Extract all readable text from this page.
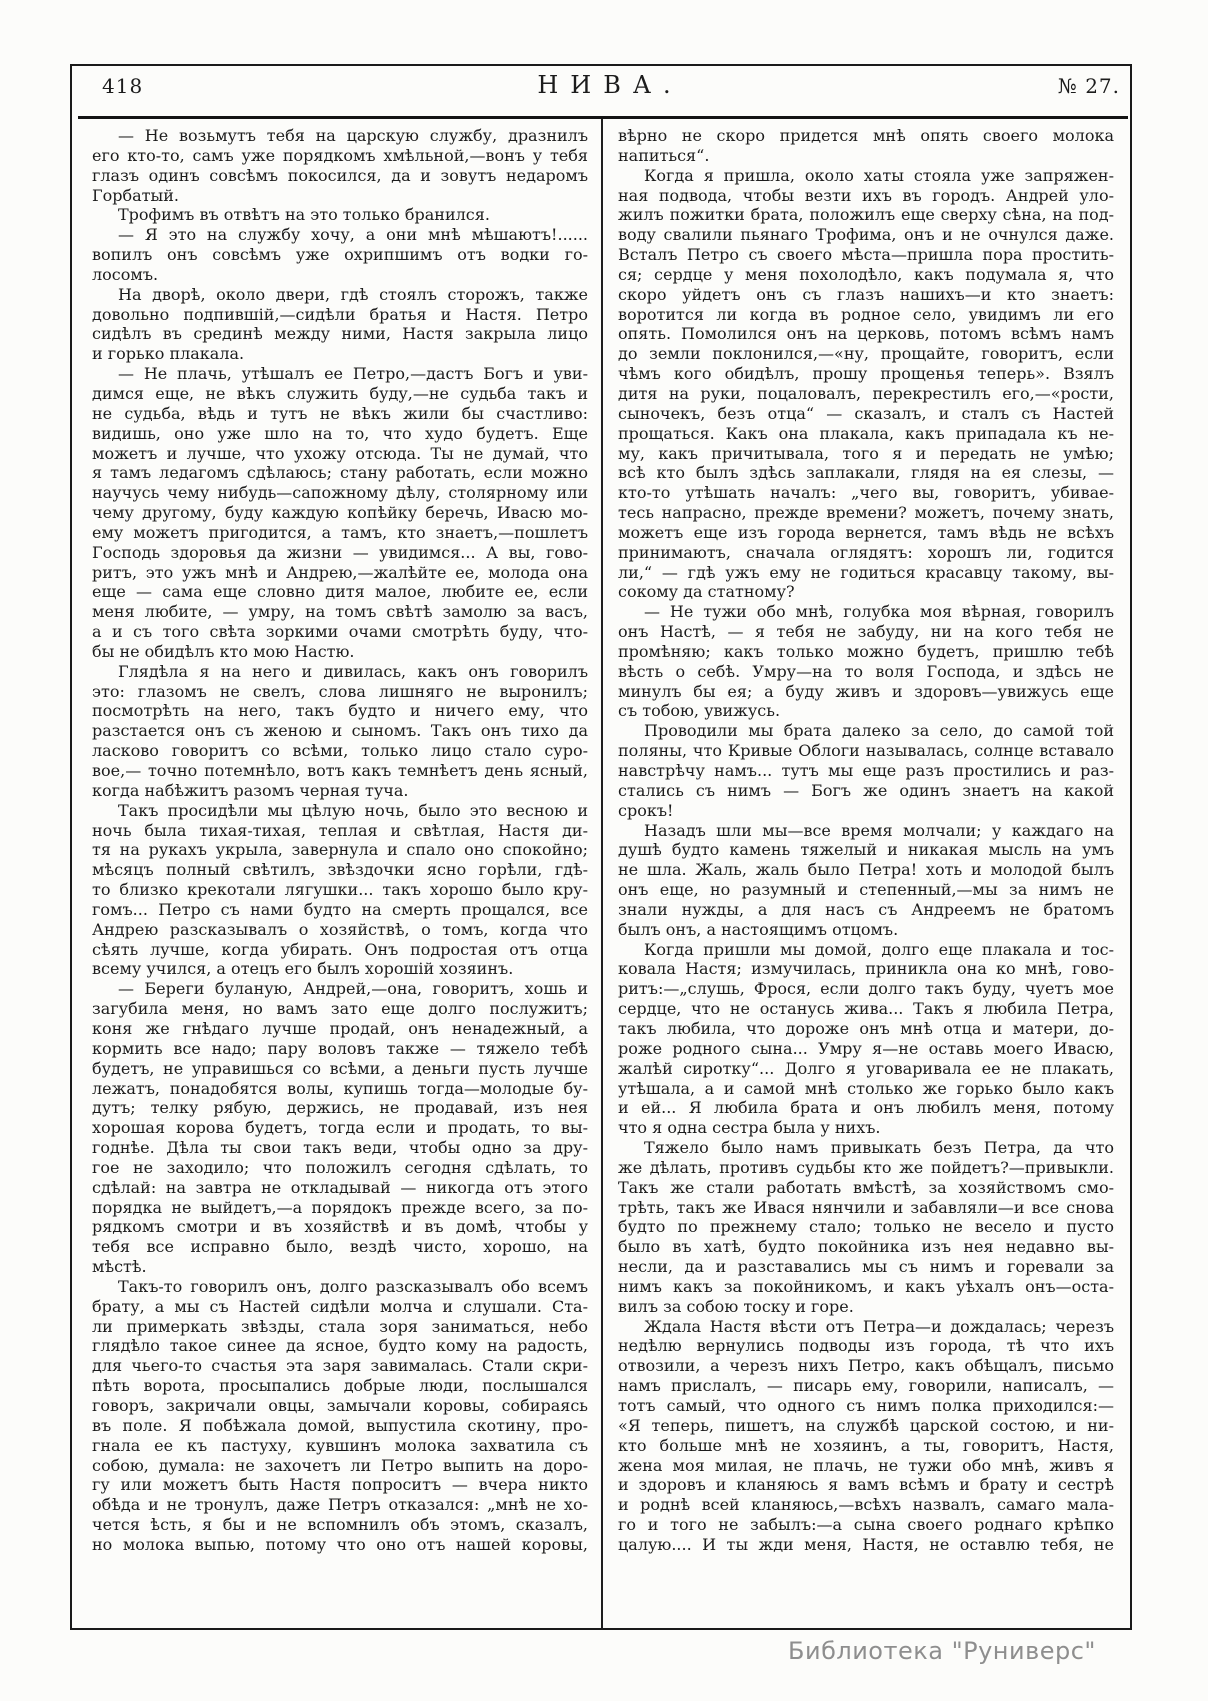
418	НИВА.	№ 27.
— Не возьмутъ тебя на царскую службу, дразнилъ
его кто-то, самъ уже порядкомъ хмѣльной,—вонъ у тебя
глазъ одинъ совсѣмъ покосился, да и зовутъ недаромъ
Горбатый.
Трофимъ въ отвѣтъ на это только бранился.
— Я это на службу хочу, а они мнѣ мѣшаютъ!......
вопилъ онъ совсѣмъ уже охрипшимъ отъ водки го-
лосомъ.
На дворѣ, около двери, гдѣ стоялъ сторожъ, также
довольно подпившій,—сидѣли братья и Настя. Петро
сидѣлъ въ срединѣ между ними, Настя закрыла лицо
и горько плакала.
— Не плачь, утѣшалъ ее Петро,—дастъ Богъ и уви-
димся еще, не вѣкъ служить буду,—не судьба такъ и
не судьба, вѣдь и тутъ не вѣкъ жили бы счастливо:
видишь, оно уже шло на то, что худо будетъ. Еще
можетъ и лучше, что ухожу отсюда. Ты не думай, что
я тамъ ледагомъ сдѣлаюсь; стану работать, если можно
научусь чему нибудь—сапожному дѣлу, столярному или
чему другому, буду каждую копѣйку беречь, Ивасю мо-
ему можетъ пригодится, а тамъ, кто знаетъ,—пошлетъ
Господь здоровья да жизни — увидимся... А вы, гово-
ритъ, это ужъ мнѣ и Андрею,—жалѣйте ее, молода она
еще — сама еще словно дитя малое, любите ее, если
меня любите, — умру, на томъ свѣтѣ замолю за васъ,
а и съ того свѣта зоркими очами смотрѣть буду, что-
бы не обидѣлъ кто мою Настю.
Глядѣла я на него и дивилась, какъ онъ говорилъ
это: глазомъ не свелъ, слова лишняго не выронилъ;
посмотрѣть на него, такъ будто и ничего ему, что
разстается онъ съ женою и сыномъ. Такъ онъ тихо да
ласково говоритъ со всѣми, только лицо стало суро-
вое,— точно потемнѣло, вотъ какъ темнѣетъ день ясный,
когда набѣжитъ разомъ черная туча.
Такъ просидѣли мы цѣлую ночь, было это весною и
ночь была тихая-тихая, теплая и свѣтлая, Настя ди-
тя на рукахъ укрыла, завернула и спало оно спокойно;
мѣсяцъ полный свѣтилъ, звѣздочки ясно горѣли, гдѣ-
то близко крекотали лягушки... такъ хорошо было кру-
гомъ... Петро съ нами будто на смерть прощался, все
Андрею разсказывалъ о хозяйствѣ, о томъ, когда что
сѣять лучше, когда убирать. Онъ подростая отъ отца
всему учился, а отецъ его былъ хорошій хозяинъ.
— Береги буланую, Андрей,—она, говоритъ, хошь и
загубила меня, но вамъ зато еще долго послужитъ;
коня же гнѣдаго лучше продай, онъ ненадежный, а
кормить все надо; пару воловъ также — тяжело тебѣ
будетъ, не управишься со всѣми, а деньги пусть лучше
лежатъ, понадобятся волы, купишь тогда—молодые бу-
дутъ; телку рябую, держись, не продавай, изъ нея
хорошая корова будетъ, тогда если и продать, то вы-
годнѣе. Дѣла ты свои такъ веди, чтобы одно за дру-
гое не заходило; что положилъ сегодня сдѣлать, то
сдѣлай: на завтра не откладывай — никогда отъ этого
порядка не выйдетъ,—а порядокъ прежде всего, за по-
рядкомъ смотри и въ хозяйствѣ и въ домѣ, чтобы у
тебя все исправно было, вездѣ чисто, хорошо, на
мѣстѣ.
Такъ-то говорилъ онъ, долго разсказывалъ обо всемъ
брату, а мы съ Настей сидѣли молча и слушали. Ста-
ли примеркать звѣзды, стала зоря заниматься, небо
глядѣло такое синее да ясное, будто кому на радость,
для чьего-то счастья эта заря завималась. Стали скри-
пѣть ворота, просыпались добрые люди, послышался
говоръ, закричали овцы, замычали коровы, собираясь
въ поле. Я побѣжала домой, выпустила скотину, про-
гнала ее къ пастуху, кувшинъ молока захватила съ
собою, думала: не захочетъ ли Петро выпить на доро-
гу или можетъ быть Настя попроситъ — вчера никто
обѣда и не тронулъ, даже Петръ отказался: „мнѣ не хо-
чется ѣсть, я бы и не вспомнилъ объ этомъ, сказалъ,
но молока выпью, потому что оно отъ нашей коровы,
вѣрно не скоро придется мнѣ опять своего молока
напиться“.
Когда я пришла, около хаты стояла уже запряжен-
ная подвода, чтобы везти ихъ въ городъ. Андрей уло-
жилъ пожитки брата, положилъ еще сверху сѣна, на под-
воду свалили пьянаго Трофима, онъ и не очнулся даже.
Всталъ Петро съ своего мѣста—пришла пора простить-
ся; сердце у меня похолодѣло, какъ подумала я, что
скоро уйдетъ онъ съ глазъ нашихъ—и кто знаетъ:
воротится ли когда въ родное село, увидимъ ли его
опять. Помолился онъ на церковь, потомъ всѣмъ намъ
до земли поклонился,—«ну, прощайте, говоритъ, если
чѣмъ кого обидѣлъ, прошу прощенья теперь». Взялъ
дитя на руки, поцаловалъ, перекрестилъ его,—«рости,
сыночекъ, безъ отца“ — сказалъ, и сталъ съ Настей
прощаться. Какъ она плакала, какъ припадала къ не-
му, какъ причитывала, того я и передать не умѣю;
всѣ кто былъ здѣсь заплакали, глядя на ея слезы, —
кто-то утѣшать началъ: „чего вы, говоритъ, убивае-
тесь напрасно, прежде времени? можетъ, почему знать,
можетъ еще изъ города вернется, тамъ вѣдь не всѣхъ
принимаютъ, сначала оглядятъ: хорошъ ли, годится
ли,“ — гдѣ ужъ ему не годиться красавцу такому, вы-
сокому да статному?
— Не тужи обо мнѣ, голубка моя вѣрная, говорилъ
онъ Настѣ, — я тебя не забуду, ни на кого тебя не
промѣняю; какъ только можно будетъ, пришлю тебѣ
вѣсть о себѣ. Умру—на то воля Господа, и здѣсь не
минулъ бы ея; а буду живъ и здоровъ—увижусь еще
съ тобою, увижусь.
Проводили мы брата далеко за село, до самой той
поляны, что Кривые Облоги называлась, солнце вставало
навстрѣчу намъ... тутъ мы еще разъ простились и раз-
стались съ нимъ — Богъ же одинъ знаетъ на какой
срокъ!
Назадъ шли мы—все время молчали; у каждаго на
душѣ будто камень тяжелый и никакая мысль на умъ
не шла. Жаль, жаль было Петра! хоть и молодой былъ
онъ еще, но разумный и степенный,—мы за нимъ не
знали нужды, а для насъ съ Андреемъ не братомъ
былъ онъ, а настоящимъ отцомъ.
Когда пришли мы домой, долго еще плакала и тос-
ковала Настя; измучилась, приникла она ко мнѣ, гово-
ритъ:—„слушь, Фрося, если долго такъ буду, чуетъ мое
сердце, что не останусь жива... Такъ я любила Петра,
такъ любила, что дороже онъ мнѣ отца и матери, до-
роже родного сына... Умру я—не оставь моего Ивасю,
жалѣй сиротку“... Долго я уговаривала ее не плакать,
утѣшала, а и самой мнѣ столько же горько было какъ
и ей... Я любила брата и онъ любилъ меня, потому
что я одна сестра была у нихъ.
Тяжело было намъ привыкать безъ Петра, да что
же дѣлать, противъ судьбы кто же пойдетъ?—привыкли.
Такъ же стали работать вмѣстѣ, за хозяйствомъ смо-
трѣть, такъ же Ивася нянчили и забавляли—и все снова
будто по прежнему стало; только не весело и пусто
было въ хатѣ, будто покойника изъ нея недавно вы-
несли, да и разставались мы съ нимъ и горевали за
нимъ какъ за покойникомъ, и какъ уѣхалъ онъ—оста-
вилъ за собою тоску и горе.
Ждала Настя вѣсти отъ Петра—и дождалась; черезъ
недѣлю вернулись подводы изъ города, тѣ что ихъ
отвозили, а черезъ нихъ Петро, какъ обѣщалъ, письмо
намъ прислалъ, — писарь ему, говорили, написалъ, —
тотъ самый, что одного съ нимъ полка приходился:—
«Я теперь, пишетъ, на службѣ царской состою, и ни-
кто больше мнѣ не хозяинъ, а ты, говоритъ, Настя,
жена моя милая, не плачь, не тужи обо мнѣ, живъ я
и здоровъ и кланяюсь я вамъ всѣмъ и брату и сестрѣ
и роднѣ всей кланяюсь,—всѣхъ назвалъ, самаго мала-
го и того не забылъ:—а сына своего роднаго крѣпко
цалую.... И ты жди меня, Настя, не оставлю тебя, не
Библиотека "Руниверс"
